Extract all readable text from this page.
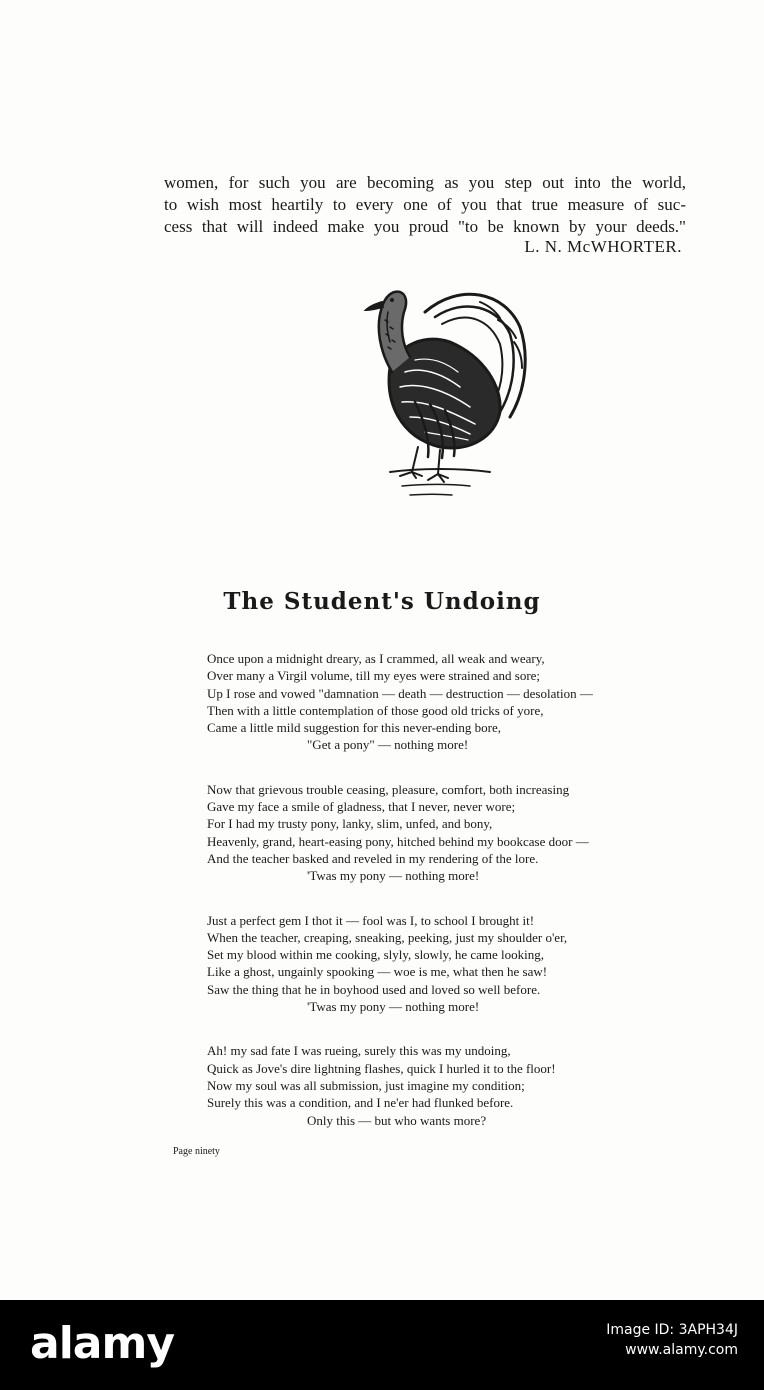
women, for such you are becoming as you step out into the world,
to wish most heartily to every one of you that true measure of suc-
cess that will indeed make you proud "to be known by your deeds."
L. N. McWHORTER.
The Student's Undoing
Once upon a midnight dreary, as I crammed, all weak and weary,
Over many a Virgil volume, till my eyes were strained and sore;
Up I rose and vowed "damnation — death — destruction — desolation —
Then with a little contemplation of those good old tricks of yore,
Came a little mild suggestion for this never-ending bore,
"Get a pony" — nothing more!
Now that grievous trouble ceasing, pleasure, comfort, both increasing
Gave my face a smile of gladness, that I never, never wore;
For I had my trusty pony, lanky, slim, unfed, and bony,
Heavenly, grand, heart-easing pony, hitched behind my bookcase door —
And the teacher basked and reveled in my rendering of the lore.
'Twas my pony — nothing more!
Just a perfect gem I thot it — fool was I, to school I brought it!
When the teacher, creaping, sneaking, peeking, just my shoulder o'er,
Set my blood within me cooking, slyly, slowly, he came looking,
Like a ghost, ungainly spooking — woe is me, what then he saw!
Saw the thing that he in boyhood used and loved so well before.
'Twas my pony — nothing more!
Ah! my sad fate I was rueing, surely this was my undoing,
Quick as Jove's dire lightning flashes, quick I hurled it to the floor!
Now my soul was all submission, just imagine my condition;
Surely this was a condition, and I ne'er had flunked before.
Only this — but who wants more?
Page ninety
alamy	Image ID: 3APH34J
www.alamy.com
